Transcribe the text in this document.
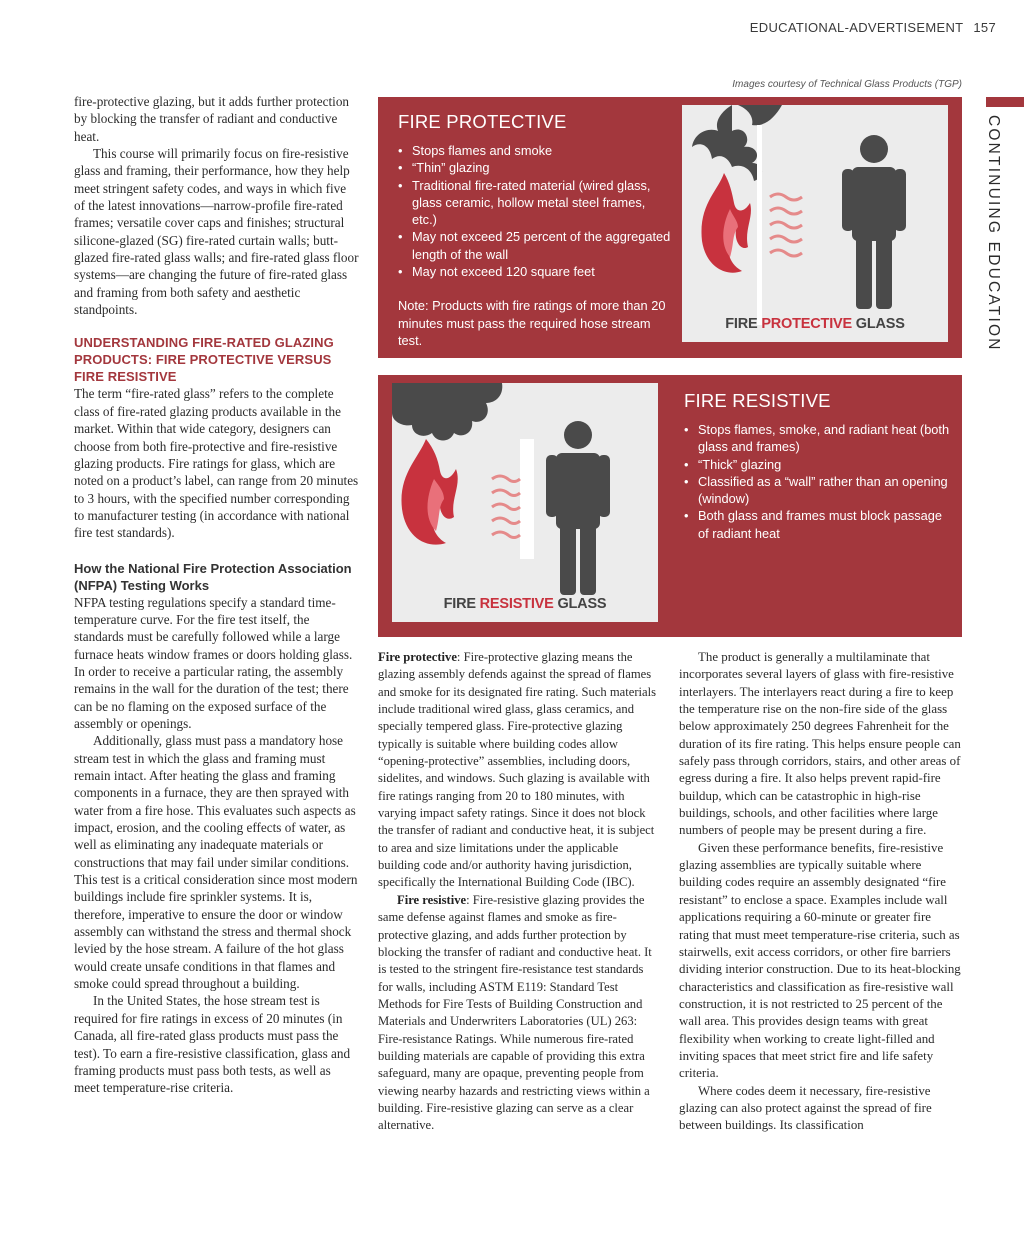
EDUCATIONAL-ADVERTISEMENT 157
Images courtesy of Technical Glass Products (TGP)
CONTINUING EDUCATION

fire-protective glazing, but it adds further protection by blocking the transfer of radiant and conductive heat.

This course will primarily focus on fire-resistive glass and framing, their performance, how they help meet stringent safety codes, and ways in which five of the latest innovations—narrow-profile fire-rated frames; versatile cover caps and finishes; structural silicone-glazed (SG) fire-rated curtain walls; butt-glazed fire-rated glass walls; and fire-rated glass floor systems—are changing the future of fire-rated glass and framing from both safety and aesthetic standpoints.

UNDERSTANDING FIRE-RATED GLAZING PRODUCTS: FIRE PROTECTIVE VERSUS FIRE RESISTIVE

The term “fire-rated glass” refers to the complete class of fire-rated glazing products available in the market. Within that wide category, designers can choose from both fire-protective and fire-resistive glazing products. Fire ratings for glass, which are noted on a product’s label, can range from 20 minutes to 3 hours, with the specified number corresponding to manufacturer testing (in accordance with national fire test standards).

How the National Fire Protection Association (NFPA) Testing Works

NFPA testing regulations specify a standard time-temperature curve. For the fire test itself, the standards must be carefully followed while a large furnace heats window frames or doors holding glass. In order to receive a particular rating, the assembly remains in the wall for the duration of the test; there can be no flaming on the exposed surface of the assembly or openings.

Additionally, glass must pass a mandatory hose stream test in which the glass and framing must remain intact. After heating the glass and framing components in a furnace, they are then sprayed with water from a fire hose. This evaluates such aspects as impact, erosion, and the cooling effects of water, as well as eliminating any inadequate materials or constructions that may fail under similar conditions. This test is a critical consideration since most modern buildings include fire sprinkler systems. It is, therefore, imperative to ensure the door or window assembly can withstand the stress and thermal shock levied by the hose stream. A failure of the hot glass would create unsafe conditions in that flames and smoke could spread throughout a building.

In the United States, the hose stream test is required for fire ratings in excess of 20 minutes (in Canada, all fire-rated glass products must pass the test). To earn a fire-resistive classification, glass and framing products must pass both tests, as well as meet temperature-rise criteria.

FIRE PROTECTIVE
• Stops flames and smoke
• “Thin” glazing
• Traditional fire-rated material (wired glass, glass ceramic, hollow metal steel frames, etc.)
• May not exceed 25 percent of the aggregated length of the wall
• May not exceed 120 square feet
Note: Products with fire ratings of more than 20 minutes must pass the required hose stream test.
FIRE PROTECTIVE GLASS
FIRE RESISTIVE GLASS
FIRE RESISTIVE
• Stops flames, smoke, and radiant heat (both glass and frames)
• “Thick” glazing
• Classified as a “wall” rather than an opening (window)
• Both glass and frames must block passage of radiant heat

Fire protective: Fire-protective glazing means the glazing assembly defends against the spread of flames and smoke for its designated fire rating. Such materials include traditional wired glass, glass ceramics, and specially tempered glass. Fire-protective glazing typically is suitable where building codes allow “opening-protective” assemblies, including doors, sidelites, and windows. Such glazing is available with fire ratings ranging from 20 to 180 minutes, with varying impact safety ratings. Since it does not block the transfer of radiant and conductive heat, it is subject to area and size limitations under the applicable building code and/or authority having jurisdiction, specifically the International Building Code (IBC).

Fire resistive: Fire-resistive glazing provides the same defense against flames and smoke as fire-protective glazing, and adds further protection by blocking the transfer of radiant and conductive heat. It is tested to the stringent fire-resistance test standards for walls, including ASTM E119: Standard Test Methods for Fire Tests of Building Construction and Materials and Underwriters Laboratories (UL) 263: Fire-resistance Ratings. While numerous fire-rated building materials are capable of providing this extra safeguard, many are opaque, preventing people from viewing nearby hazards and restricting views within a building. Fire-resistive glazing can serve as a clear alternative.

The product is generally a multilaminate that incorporates several layers of glass with fire-resistive interlayers. The interlayers react during a fire to keep the temperature rise on the non-fire side of the glass below approximately 250 degrees Fahrenheit for the duration of its fire rating. This helps ensure people can safely pass through corridors, stairs, and other areas of egress during a fire. It also helps prevent rapid-fire buildup, which can be catastrophic in high-rise buildings, schools, and other facilities where large numbers of people may be present during a fire.

Given these performance benefits, fire-resistive glazing assemblies are typically suitable where building codes require an assembly designated “fire resistant” to enclose a space. Examples include wall applications requiring a 60-minute or greater fire rating that must meet temperature-rise criteria, such as stairwells, exit access corridors, or other fire barriers dividing interior construction. Due to its heat-blocking characteristics and classification as fire-resistive wall construction, it is not restricted to 25 percent of the wall area. This provides design teams with great flexibility when working to create light-filled and inviting spaces that meet strict fire and life safety criteria.

Where codes deem it necessary, fire-resistive glazing can also protect against the spread of fire between buildings. Its classification
